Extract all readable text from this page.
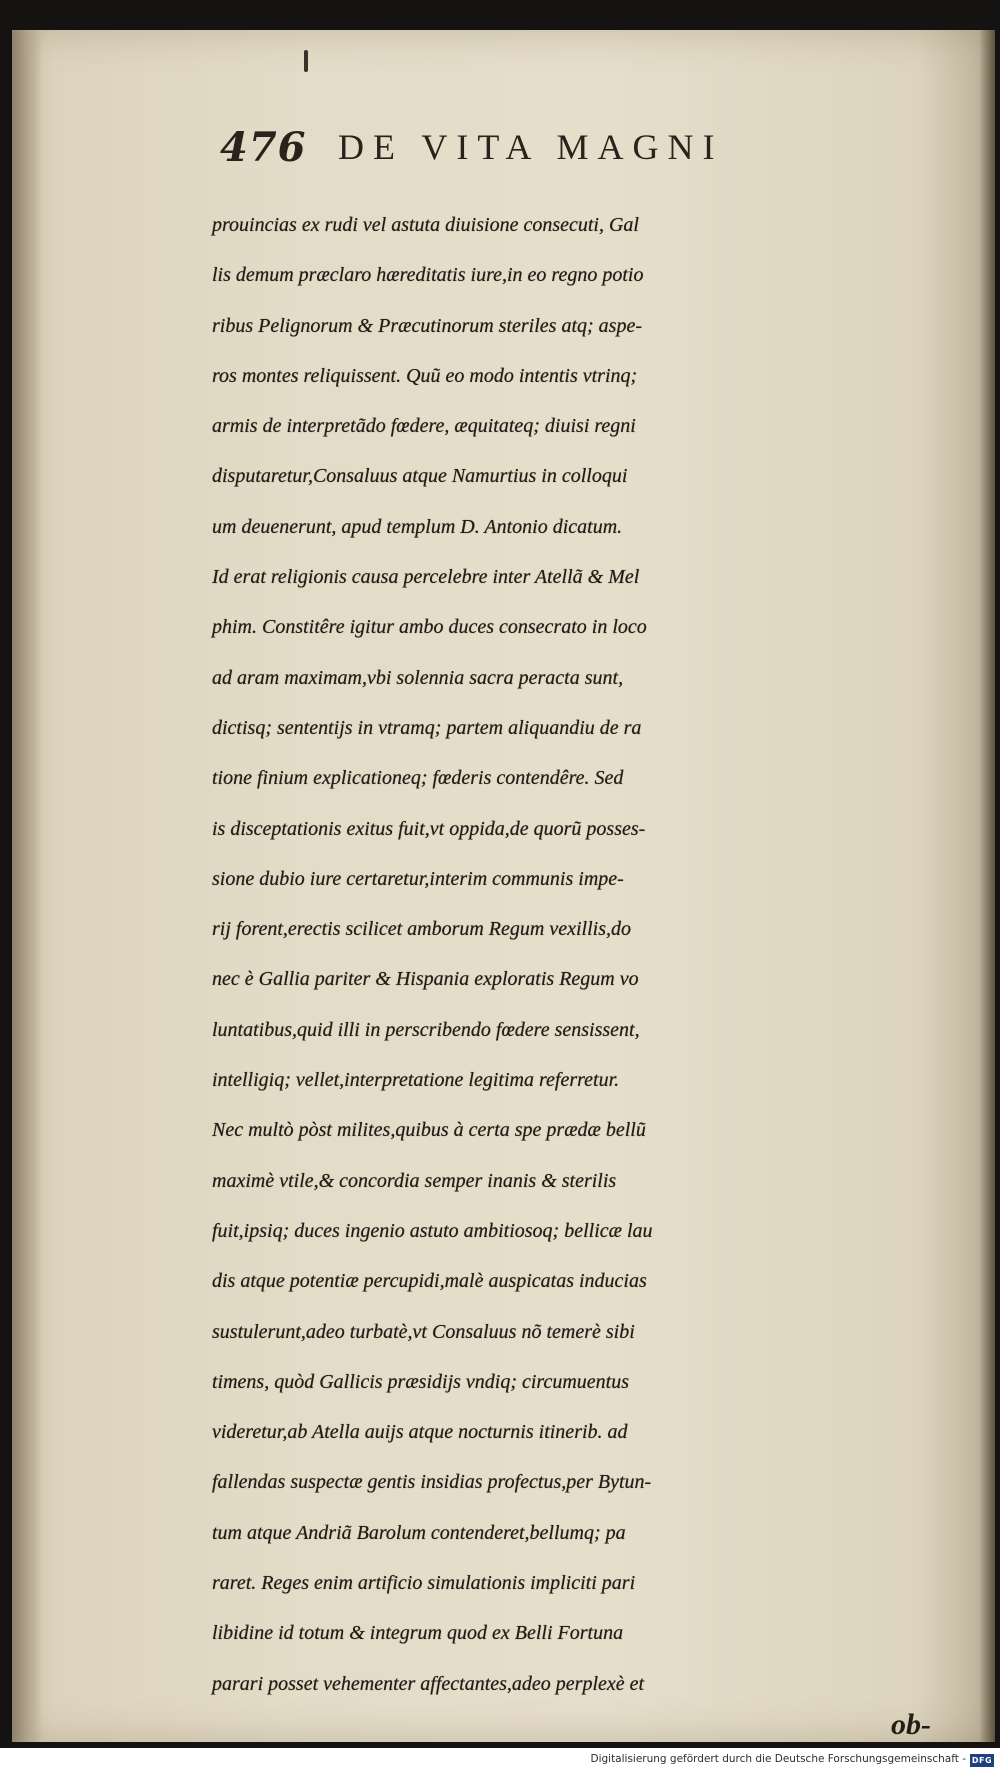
476 DE VITA MAGNI
prouincias ex rudi vel astuta diuisione consecuti, Gal
lis demum præclaro hæreditatis iure,in eo regno potio
ribus Pelignorum & Præcutinorum steriles atq; aspe-
ros montes reliquissent. Quũ eo modo intentis vtrinq;
armis de interpretãdo fœdere, æquitateq; diuisi regni
disputaretur,Consaluus atque Namurtius in colloqui
um deuenerunt, apud templum D. Antonio dicatum.
Id erat religionis causa percelebre inter Atellã & Mel
phim. Constitêre igitur ambo duces consecrato in loco
ad aram maximam,vbi solennia sacra peracta sunt,
dictisq; sententijs in vtramq; partem aliquandiu de ra
tione finium explicationeq; fœderis contendêre. Sed
is disceptationis exitus fuit,vt oppida,de quorũ posses-
sione dubio iure certaretur,interim communis impe-
rij forent,erectis scilicet amborum Regum vexillis,do
nec è Gallia pariter & Hispania exploratis Regum vo
luntatibus,quid illi in perscribendo fœdere sensissent,
intelligiq; vellet,interpretatione legitima referretur.
Nec multò pòst milites,quibus à certa spe prædæ bellũ
maximè vtile,& concordia semper inanis & sterilis
fuit,ipsiq; duces ingenio astuto ambitiosoq; bellicæ lau
dis atque potentiæ percupidi,malè auspicatas inducias
sustulerunt,adeo turbatè,vt Consaluus nõ temerè sibi
timens, quòd Gallicis præsidijs vndiq; circumuentus
videretur,ab Atella auijs atque nocturnis itinerib. ad
fallendas suspectæ gentis insidias profectus,per Bytun-
tum atque Andriã Barolum contenderet,bellumq; pa
raret. Reges enim artificio simulationis impliciti pari
libidine id totum & integrum quod ex Belli Fortuna
parari posset vehementer affectantes,adeo perplexè et
ob-
Digitalisierung gefördert durch die Deutsche Forschungsgemeinschaft - DFG
